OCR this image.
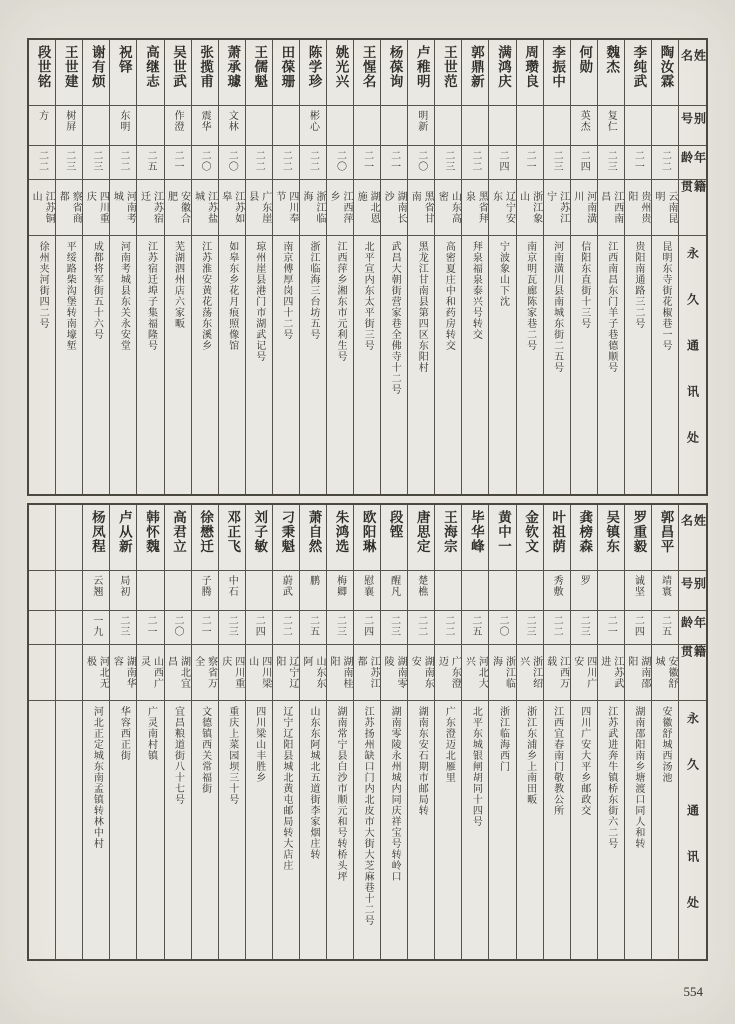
姓名
别号
年龄
籍贯
永久通讯处
陶汝霖
二二
云南昆明
昆明东寺街花椒巷一号
李纯武
二一
贵州贵阳
贵阳南通路三二号
魏杰
复仁
二三
江西南昌
江西南昌东门羊子巷德顺号
何勋
英杰
二四
河南潢川
信阳东直街十三号
李振中
二三
江苏江宁
河南潢川县南城东街二五号
周瓒良
二一
浙江象山
南京明瓦廊陈家巷二号
满鸿庆
二四
辽宁安东
宁波象山下沈
郭鼎新
二二
黑省拜泉
拜泉福泉泰兴号转交
王世范
二三
山东高密
高密夏庄中和药房转交
卢稚明
明新
二〇
黑省甘南
黑龙江甘南县第四区东阳村
杨葆询
二一
湖南长沙
武昌大朝街营家巷全佛寺十二号
王惺名
二一
湖北恩施
北平宣内东太平街三号
姚光兴
二〇
江西萍乡
江西萍乡湘东市元利生号
陈学珍
彬心
二二
浙江临海
浙江临海三台坊五号
田葆珊
二二
四川奉节
南京傅厚岗四十二号
王儒魁
二二
广东崖县
琼州崖县港门市湖武记号
萧承璩
文林
二〇
江苏如皋
如皋东乡花月痕照像馆
张揽甫
震华
二〇
江苏盐城
江苏淮安黄花荡东溪乡
吴世武
作澄
二一
安徽合肥
芜湖泗州店六家畈
高继志
二五
江苏宿迁
江苏宿迁埠子集福隆号
祝铎
东明
二二
河南考城
河南考城县东关永安堂
谢有烦
二三
四川重庆
成都将军街五十六号
王世建
树屏
二三
察省商都
平绥路柴沟堡转南壕堑
段世铭
方
二二
江苏铜山
徐州夹河街四二号
姓名
别号
年龄
籍贯
永久通讯处
郭昌平
靖寰
二五
安徽舒城
安徽舒城西汤池
罗重毅
诚坚
二四
湖南邵阳
湖南邵阳南乡塘渡口同人和转
吴镇东
二一
江苏武进
江苏武进奔牛镇桥东街六二号
龚榜森
罗
二三
四川广安
四川广安大平乡邮政交
叶祖荫
秀敷
二二
江西万载
江西宜春南门敬教公所
金钦文
二三
浙江绍兴
浙江东浦乡上南田畈
黄中一
二〇
浙江临海
浙江临海西门
毕华峰
二五
河北大兴
北平东城银闸胡同十四号
王海宗
二二
广东澄迈
广东澄迈北雁里
唐思定
楚樵
二二
湖南东安
湖南东安石期市邮局转
段铿
醒凡
二三
湖南零陵
湖南零陵永州城内同庆祥宝号转岭口
欧阳琳
慰襄
二四
江苏江都
江苏扬州缺口门内北皮市大街大芝麻巷十二号
朱鸿选
梅卿
二三
湖南桂阳
湖南常宁县白沙市顺元和号转桥头坪
萧自然
鹏
二五
山东东阿
山东东阿城北五道街李家烟庄转
刁秉魁
蔚武
二二
辽宁辽阳
辽宁辽阳县城北黄屯邮局转大店庄
刘子敏
二四
四川梁山
四川梁山丰胜乡
邓正飞
中石
二三
四川重庆
重庆上菜园坝三十号
徐懋迁
子腾
二一
察省万全
文德镇西关常福街
高君立
二〇
湖北宜昌
宜昌粮道街八十七号
韩怀魏
二一
山西广灵
广灵南村镇
卢从新
局初
二三
湖南华容
华容西正街
杨凤程
云翘
一九
河北无极
河北正定城东南孟镇转林中村
554
